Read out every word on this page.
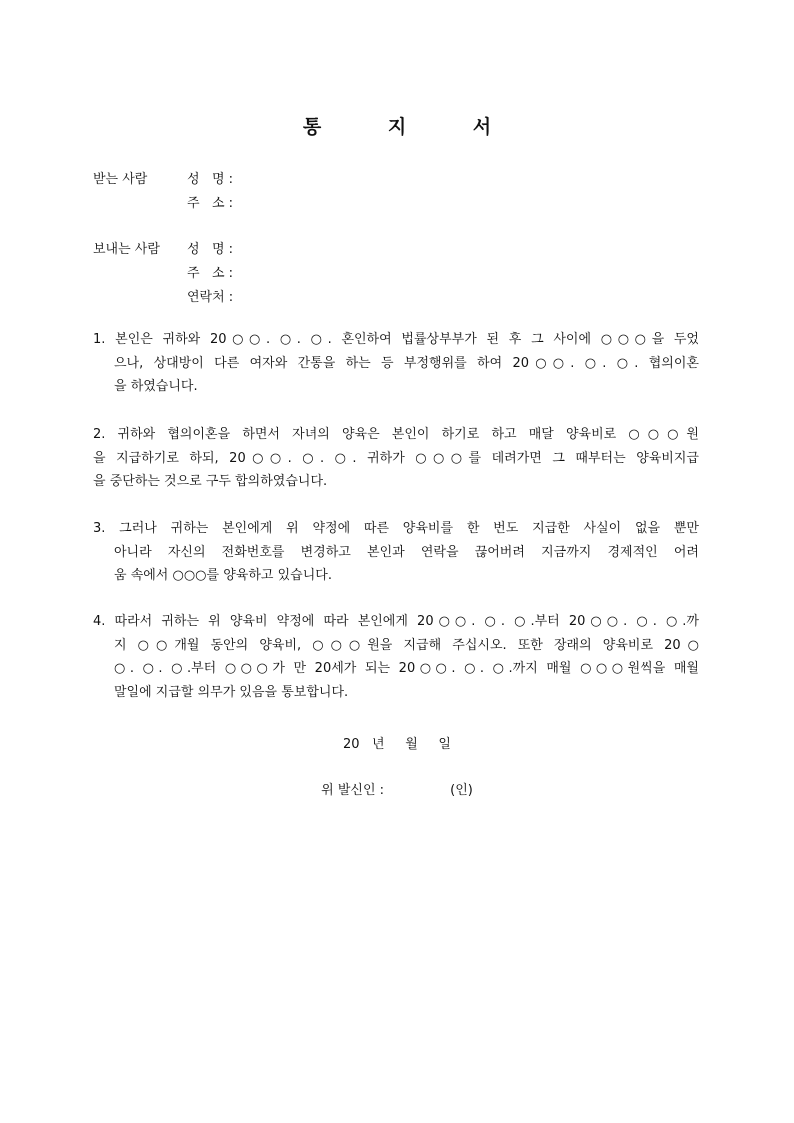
통 지 서
받는 사람	성   명 :
주   소 :
보내는 사람 성   명 :
주   소 :
연락처 :

1. 본인은 귀하와 20○○. ○. ○. 혼인하여 법률상부부가 된 후 그 사이에 ○○○을 두었

으나, 상대방이 다른 여자와 간통을 하는 등 부정행위를 하여 20○○. ○. ○. 협의이혼

을 하였습니다.

2. 귀하와 협의이혼을 하면서 자녀의 양육은 본인이 하기로 하고 매달 양육비로 ○○○원

을 지급하기로 하되, 20○○. ○. ○. 귀하가 ○○○를 데려가면 그 때부터는 양육비지급

을 중단하는 것으로 구두 합의하였습니다.

3. 그러나 귀하는 본인에게 위 약정에 따른 양육비를 한 번도 지급한 사실이 없을 뿐만

아니라 자신의 전화번호를 변경하고 본인과 연락을 끊어버려 지금까지 경제적인 어려

움 속에서 ○○○를 양육하고 있습니다.

4. 따라서 귀하는 위 양육비 약정에 따라 본인에게 20○○. ○. ○.부터 20○○. ○. ○.까

지 ○○개월 동안의 양육비, ○○○원을 지급해 주십시오. 또한 장래의 양육비로 20○

○. ○. ○.부터 ○○○가 만 20세가 되는 20○○. ○. ○.까지 매월 ○○○원씩을 매월

말일에 지급할 의무가 있음을 통보합니다.

20   년     월     일
위 발신인 :                (인)
